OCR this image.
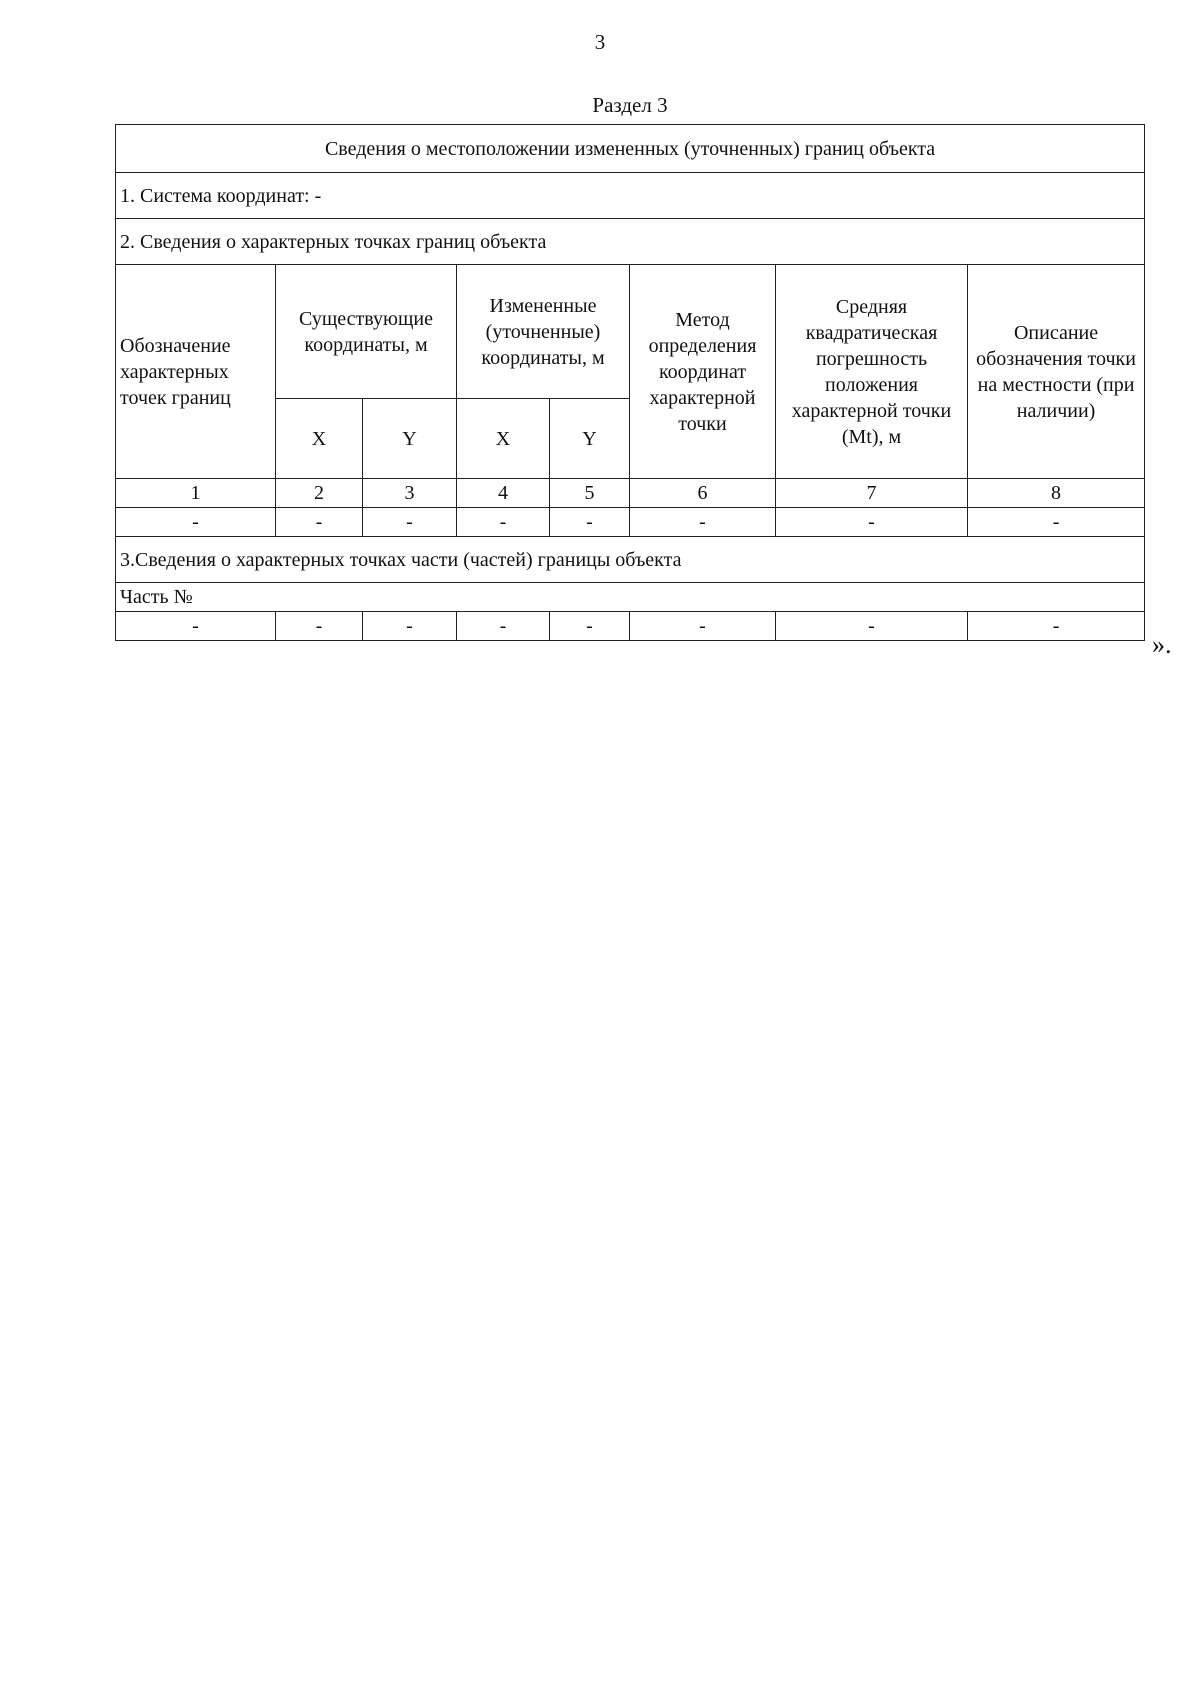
3
Раздел 3
Сведения о местоположении измененных (уточненных) границ объекта							
1. Система координат: -							
2. Сведения о характерных точках границ объекта							
Обозначение характерных точек границ	Существующие координаты, м		Измененные (уточненные) координаты, м		Метод определения координат характерной точки	Средняя квадратическая погрешность положения характерной точки (Mt), м	Описание обозначения точки на местности (при наличии)
	X	Y	X	Y			
1	2	3	4	5	6	7	8
-	-	-	-	-	-	-	-
3.Сведения о характерных точках части (частей) границы объекта							
Часть №							
-	-	-	-	-	-	-	-
».
